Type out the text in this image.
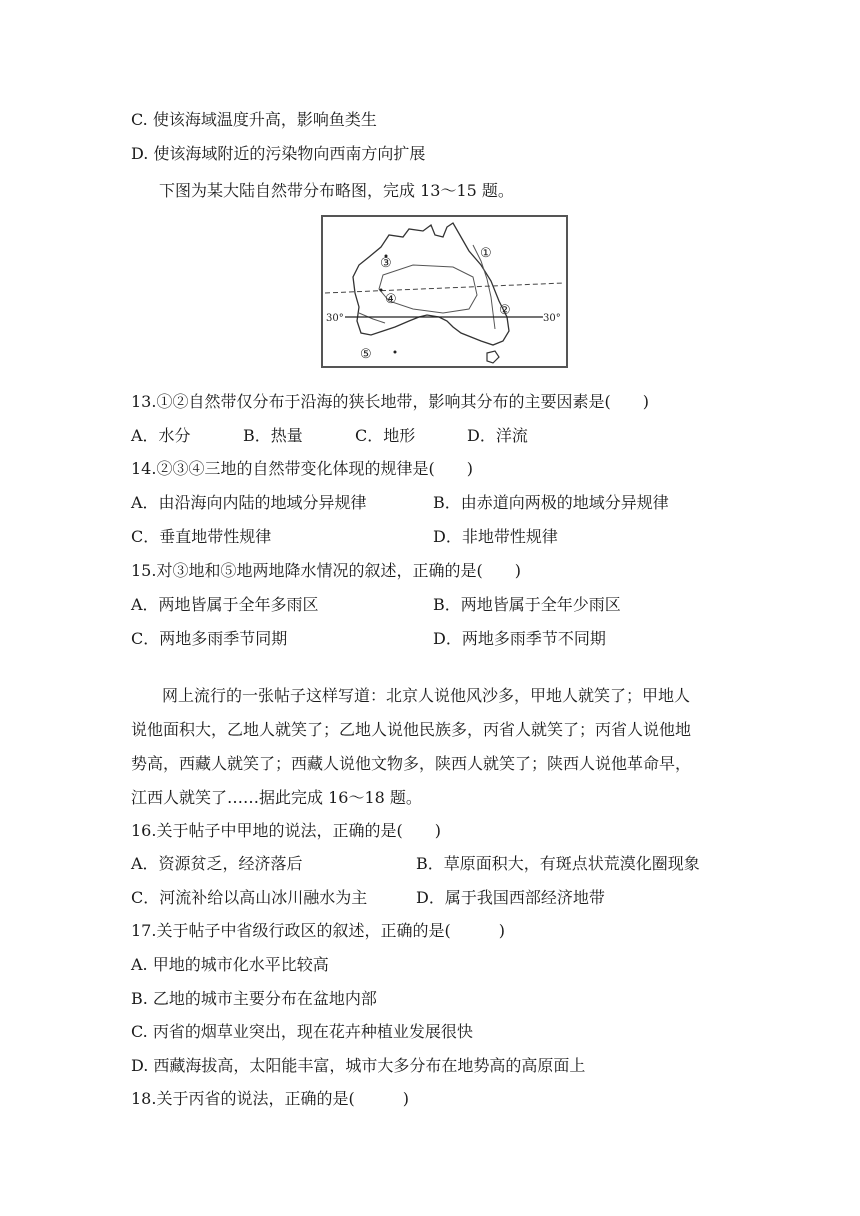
C. 使该海域温度升高，影响鱼类生
D. 使该海域附近的污染物向西南方向扩展
下图为某大陆自然带分布略图，完成 13～15 题。
30°	30°
①
②
③
④
⑤
13.①②自然带仅分布于沿海的狭长地带，影响其分布的主要因素是(　　)
A．水分	B．热量	C．地形	D．洋流
14.②③④三地的自然带变化体现的规律是(　　)
A．由沿海向内陆的地域分异规律	B．由赤道向两极的地域分异规律
C．垂直地带性规律	D．非地带性规律
15.对③地和⑤地两地降水情况的叙述，正确的是(　　)
A．两地皆属于全年多雨区	B．两地皆属于全年少雨区
C．两地多雨季节同期	D．两地多雨季节不同期
网上流行的一张帖子这样写道：北京人说他风沙多，甲地人就笑了；甲地人
说他面积大，乙地人就笑了；乙地人说他民族多，丙省人就笑了；丙省人说他地
势高，西藏人就笑了；西藏人说他文物多，陕西人就笑了；陕西人说他革命早，
江西人就笑了……据此完成 16～18 题。
16.关于帖子中甲地的说法，正确的是(　　)
A．资源贫乏，经济落后	B．草原面积大，有斑点状荒漠化圈现象
C．河流补给以高山冰川融水为主	D．属于我国西部经济地带
17.关于帖子中省级行政区的叙述，正确的是(　　　)
A. 甲地的城市化水平比较高
B. 乙地的城市主要分布在盆地内部
C. 丙省的烟草业突出，现在花卉种植业发展很快
D. 西藏海拔高，太阳能丰富，城市大多分布在地势高的高原面上
18.关于丙省的说法，正确的是(　　　)
